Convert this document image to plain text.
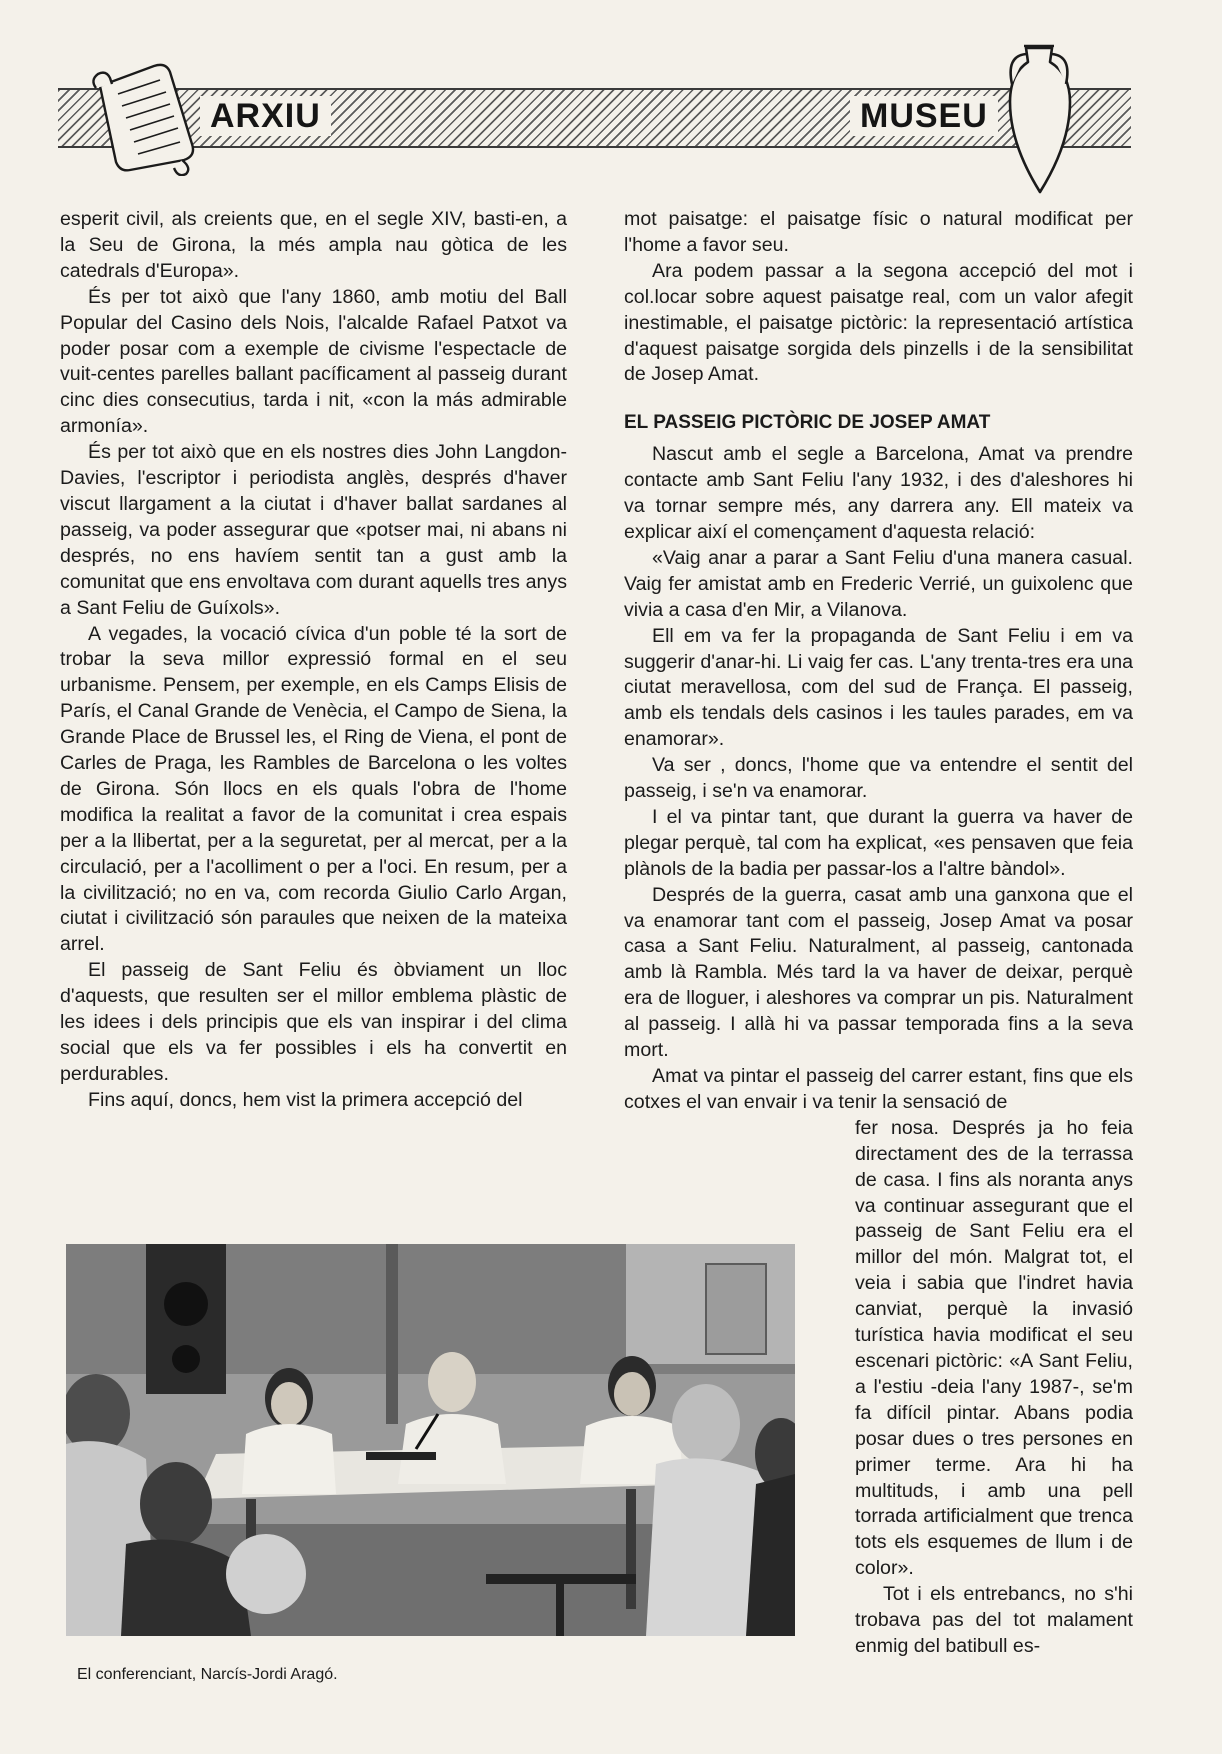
ARXIU	MUSEU

esperit civil, als creients que, en el segle XIV, basti-en, a la Seu de Girona, la més ampla nau gòtica de les catedrals d'Europa».

És per tot això que l'any 1860, amb motiu del Ball Popular del Casino dels Nois, l'alcalde Rafael Patxot va poder posar com a exemple de civisme l'espectacle de vuit-centes parelles ballant pacíficament al passeig durant cinc dies consecutius, tarda i nit, «con la más admirable armonía».

És per tot això que en els nostres dies John Langdon-Davies, l'escriptor i periodista anglès, després d'haver viscut llargament a la ciutat i d'haver ballat sardanes al passeig, va poder assegurar que «potser mai, ni abans ni després, no ens havíem sentit tan a gust amb la comunitat que ens envoltava com durant aquells tres anys a Sant Feliu de Guíxols».

A vegades, la vocació cívica d'un poble té la sort de trobar la seva millor expressió formal en el seu urbanisme. Pensem, per exemple, en els Camps Elisis de París, el Canal Grande de Venècia, el Campo de Siena, la Grande Place de Brussel les, el Ring de Viena, el pont de Carles de Praga, les Rambles de Barcelona o les voltes de Girona. Són llocs en els quals l'obra de l'home modifica la realitat a favor de la comunitat i crea espais per a la llibertat, per a la seguretat, per al mercat, per a la circulació, per a l'acolliment o per a l'oci. En resum, per a la civilització; no en va, com recorda Giulio Carlo Argan, ciutat i civilització són paraules que neixen de la mateixa arrel.

El passeig de Sant Feliu és òbviament un lloc d'aquests, que resulten ser el millor emblema plàstic de les idees i dels principis que els van inspirar i del clima social que els va fer possibles i els ha convertit en perdurables.

Fins aquí, doncs, hem vist la primera accepció del

mot paisatge: el paisatge físic o natural modificat per l'home a favor seu.

Ara podem passar a la segona accepció del mot i col.locar sobre aquest paisatge real, com un valor afegit inestimable, el paisatge pictòric: la representació artística d'aquest paisatge sorgida dels pinzells i de la sensibilitat de Josep Amat.

EL PASSEIG PICTÒRIC DE JOSEP AMAT

Nascut amb el segle a Barcelona, Amat va prendre contacte amb Sant Feliu l'any 1932, i des d'aleshores hi va tornar sempre més, any darrera any. Ell mateix va explicar així el començament d'aquesta relació:

«Vaig anar a parar a Sant Feliu d'una manera casual. Vaig fer amistat amb en Frederic Verrié, un guixolenc que vivia a casa d'en Mir, a Vilanova.

Ell em va fer la propaganda de Sant Feliu i em va suggerir d'anar-hi. Li vaig fer cas. L'any trenta-tres era una ciutat meravellosa, com del sud de França. El passeig, amb els tendals dels casinos i les taules parades, em va enamorar».

Va ser , doncs, l'home que va entendre el sentit del passeig, i se'n va enamorar.

I el va pintar tant, que durant la guerra va haver de plegar perquè, tal com ha explicat, «es pensaven que feia plànols de la badia per passar-los a l'altre bàndol».

Després de la guerra, casat amb una ganxona que el va enamorar tant com el passeig, Josep Amat va posar casa a Sant Feliu. Naturalment, al passeig, cantonada amb là Rambla. Més tard la va haver de deixar, perquè era de lloguer, i aleshores va comprar un pis. Naturalment al passeig. I allà hi va passar temporada fins a la seva mort.

Amat va pintar el passeig del carrer estant, fins que els cotxes el van envair i va tenir la sensació de

fer nosa. Després ja ho feia directament des de la terrassa de casa. I fins als noranta anys va continuar assegurant que el passeig de Sant Feliu era el millor del món. Malgrat tot, el veia i sabia que l'indret havia canviat, perquè la invasió turística havia modificat el seu escenari pictòric: «A Sant Feliu, a l'estiu -deia l'any 1987-, se'm fa difícil pintar. Abans podia posar dues o tres persones en primer terme. Ara hi ha multituds, i amb una pell torrada artificialment que trenca tots els esquemes de llum i de color».

Tot i els entrebancs, no s'hi trobava pas del tot malament enmig del batibull es-

El conferenciant, Narcís-Jordi Aragó.
